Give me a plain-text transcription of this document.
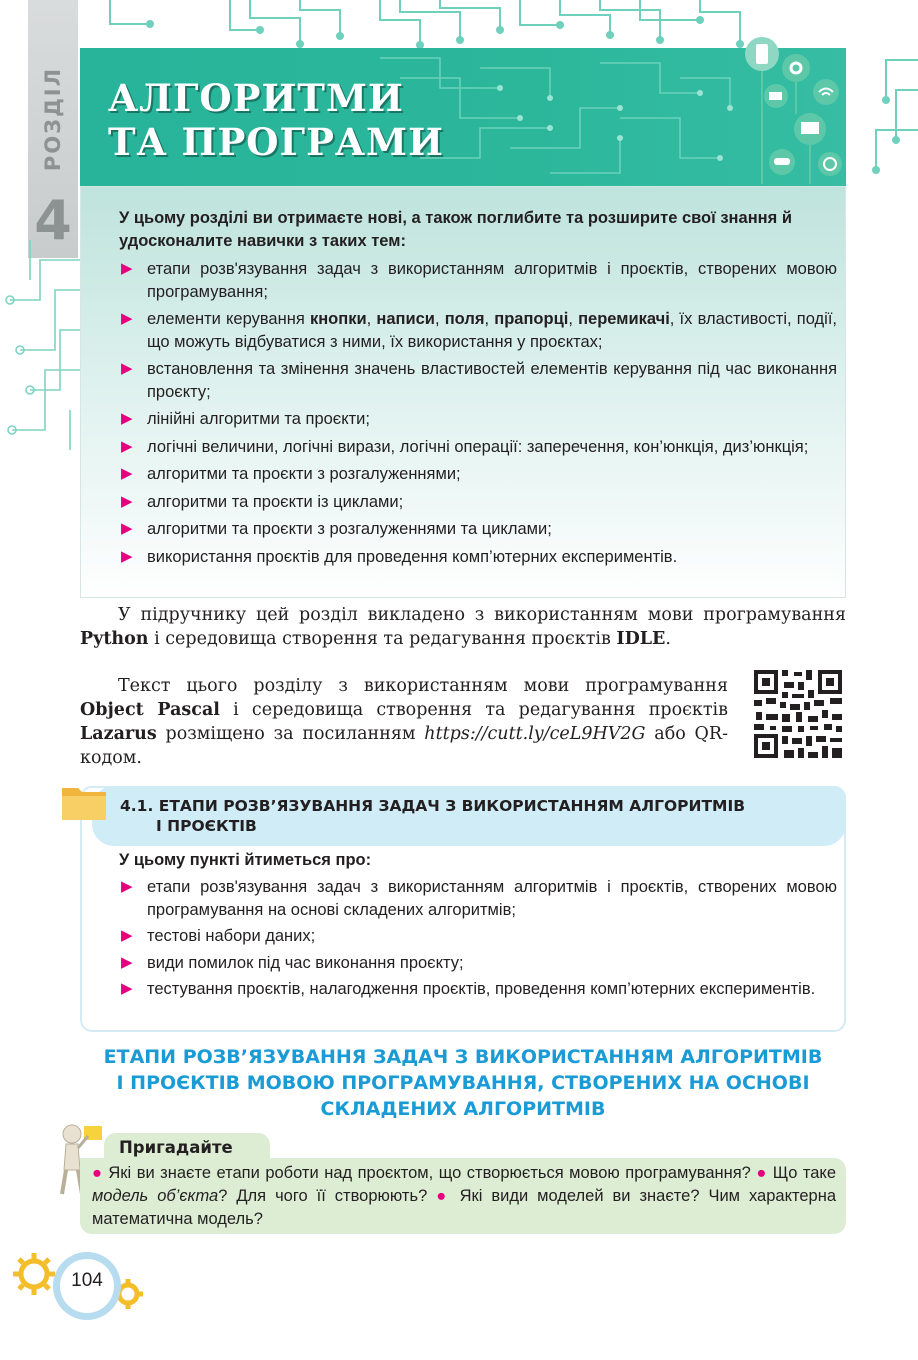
АЛГОРИТМИ
ТА ПРОГРАМИ
РОЗДІЛ
4	У цьому розділі ви отримаєте нові, а також поглибите та розширите свої знання й удосконалите навички з таких тем:
▶ етапи розв'язування задач з використанням алгоритмів і проєктів, створених мовою програмування;
▶ елементи керування кнопки, написи, поля, прапорці, перемикачі, їх властивості, події, що можуть відбуватися з ними, їх використання у проєктах;
▶ встановлення та змінення значень властивостей елементів керування під час виконання проєкту;
▶ лінійні алгоритми та проєкти;
▶ логічні величини, логічні вирази, логічні операції: заперечення, кон’юнкція, диз’юнкція;
▶ алгоритми та проєкти з розгалуженнями;
▶ алгоритми та проєкти із циклами;
▶ алгоритми та проєкти з розгалуженнями та циклами;
▶ використання проєктів для проведення комп’ютерних експериментів.

У підручнику цей розділ викладено з використанням мови програмування Python і середовища створення та редагування проєктів IDLE.

Текст цього розділу з використанням мови програмування Object Pascal і середовища створення та редагування проєктів Lazarus розміщено за посиланням https://cutt.ly/ceL9HV2G або QR-кодом.

4.1. ЕТАПИ РОЗВ’ЯЗУВАННЯ ЗАДАЧ З ВИКОРИСТАННЯМ АЛГОРИТМІВ
І ПРОЄКТІВ
У цьому пункті йтиметься про:
▶ етапи розв'язування задач з використанням алгоритмів і проєктів, створених мовою програмування на основі складених алгоритмів;
▶ тестові набори даних;
▶ види помилок під час виконання проєкту;
▶ тестування проєктів, налагодження проєктів, проведення комп’ютерних експериментів.
ЕТАПИ РОЗВ’ЯЗУВАННЯ ЗАДАЧ З ВИКОРИСТАННЯМ АЛГОРИТМІВ
І ПРОЄКТІВ МОВОЮ ПРОГРАМУВАННЯ, СТВОРЕНИХ НА ОСНОВІ
СКЛАДЕНИХ АЛГОРИТМІВ
Пригадайте

● Які ви знаєте етапи роботи над проєктом, що створюється мовою програмування? ● Що таке модель об’єкта? Для чого її створюють? ● Які види моделей ви знаєте? Чим характерна математична модель?

104
